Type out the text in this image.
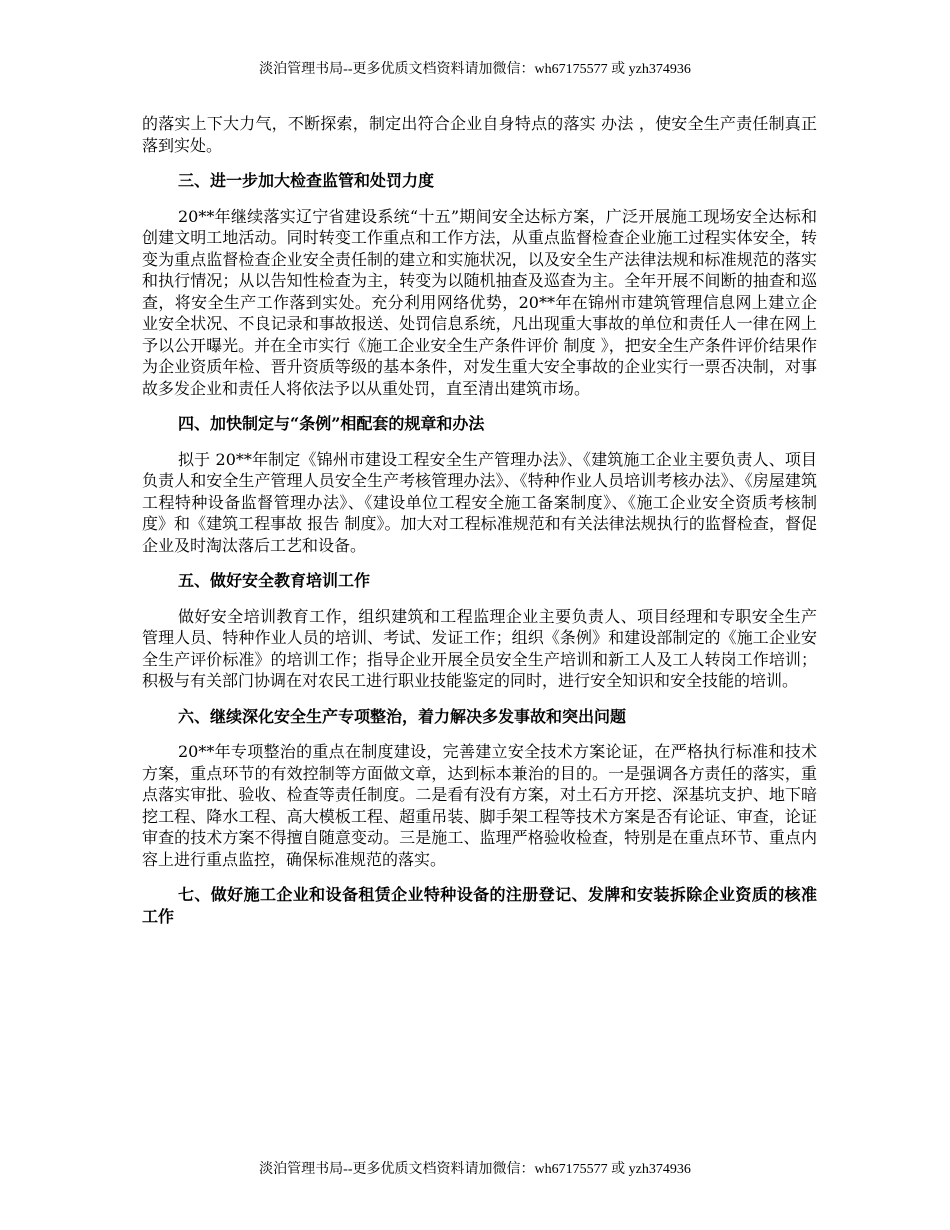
淡泊管理书局--更多优质文档资料请加微信：wh67175577 或 yzh374936

的落实上下大力气，不断探索，制定出符合企业自身特点的落实 办法 ，使安全生产责任制真正落到实处。

三、进一步加大检查监管和处罚力度

20**年继续落实辽宁省建设系统“十五”期间安全达标方案，广泛开展施工现场安全达标和创建文明工地活动。同时转变工作重点和工作方法，从重点监督检查企业施工过程实体安全，转变为重点监督检查企业安全责任制的建立和实施状况，以及安全生产法律法规和标准规范的落实和执行情况；从以告知性检查为主，转变为以随机抽查及巡查为主。全年开展不间断的抽查和巡查，将安全生产工作落到实处。充分利用网络优势，20**年在锦州市建筑管理信息网上建立企业安全状况、不良记录和事故报送、处罚信息系统，凡出现重大事故的单位和责任人一律在网上予以公开曝光。并在全市实行《施工企业安全生产条件评价 制度 》，把安全生产条件评价结果作为企业资质年检、晋升资质等级的基本条件，对发生重大安全事故的企业实行一票否决制，对事故多发企业和责任人将依法予以从重处罚，直至清出建筑市场。

四、加快制定与“条例”相配套的规章和办法

拟于 20**年制定《锦州市建设工程安全生产管理办法》、《建筑施工企业主要负责人、项目负责人和安全生产管理人员安全生产考核管理办法》、《特种作业人员培训考核办法》、《房屋建筑工程特种设备监督管理办法》、《建设单位工程安全施工备案制度》、《施工企业安全资质考核制度》和《建筑工程事故 报告 制度》。加大对工程标准规范和有关法律法规执行的监督检查，督促企业及时淘汰落后工艺和设备。

五、做好安全教育培训工作

做好安全培训教育工作，组织建筑和工程监理企业主要负责人、项目经理和专职安全生产管理人员、特种作业人员的培训、考试、发证工作；组织《条例》和建设部制定的《施工企业安全生产评价标准》的培训工作；指导企业开展全员安全生产培训和新工人及工人转岗工作培训；积极与有关部门协调在对农民工进行职业技能鉴定的同时，进行安全知识和安全技能的培训。

六、继续深化安全生产专项整治，着力解决多发事故和突出问题

20**年专项整治的重点在制度建设，完善建立安全技术方案论证，在严格执行标准和技术方案，重点环节的有效控制等方面做文章，达到标本兼治的目的。一是强调各方责任的落实，重点落实审批、验收、检查等责任制度。二是看有没有方案，对土石方开挖、深基坑支护、地下暗挖工程、降水工程、高大模板工程、超重吊装、脚手架工程等技术方案是否有论证、审查，论证审查的技术方案不得擅自随意变动。三是施工、监理严格验收检查，特别是在重点环节、重点内容上进行重点监控，确保标准规范的落实。

七、做好施工企业和设备租赁企业特种设备的注册登记、发牌和安装拆除企业资质的核准工作

淡泊管理书局--更多优质文档资料请加微信：wh67175577 或 yzh374936
